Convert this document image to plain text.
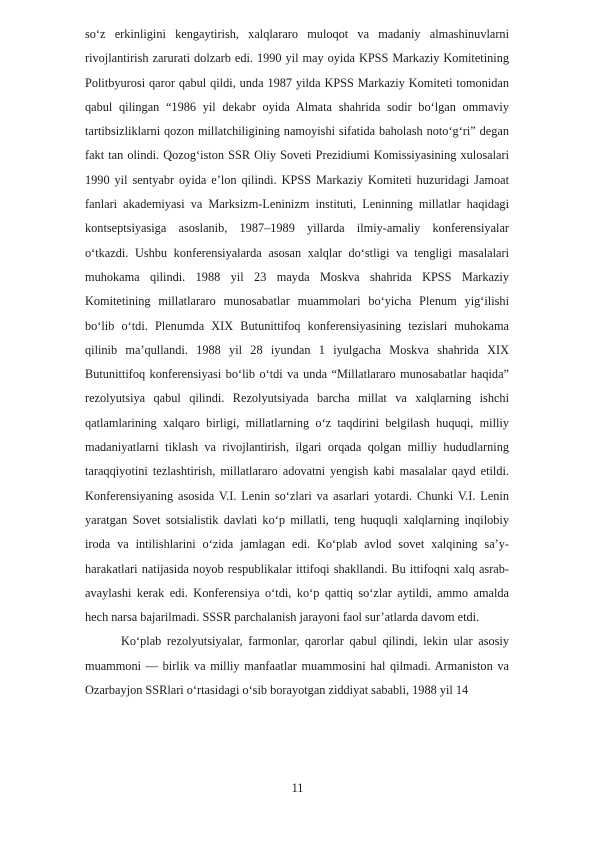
so‘z erkinligini kengaytirish, xalqlararo muloqot va madaniy almashinuvlarni rivojlantirish zarurati dolzarb edi. 1990 yil may oyida KPSS Markaziy Komitetining Politbyurosi qaror qabul qildi, unda 1987 yilda KPSS Markaziy Komiteti tomonidan qabul qilingan “1986 yil dekabr oyida Almata shahrida sodir bo‘lgan ommaviy tartibsizliklarni qozon millatchiligining namoyishi sifatida baholash noto‘g‘ri” degan fakt tan olindi. Qozog‘iston SSR Oliy Soveti Prezidiumi Komissiyasining xulosalari 1990 yil sentyabr oyida e’lon qilindi. KPSS Markaziy Komiteti huzuridagi Jamoat fanlari akademiyasi va Marksizm-Leninizm instituti, Leninning millatlar haqidagi kontseptsiyasiga asoslanib, 1987–1989 yillarda ilmiy-amaliy konferensiyalar o‘tkazdi. Ushbu konferensiyalarda asosan xalqlar do‘stligi va tengligi masalalari muhokama qilindi. 1988 yil 23 mayda Moskva shahrida KPSS Markaziy Komitetining millatlararo munosabatlar muammolari bo‘yicha Plenum yig‘ilishi bo‘lib o‘tdi. Plenumda XIX Butunittifoq konferensiyasining tezislari muhokama qilinib ma’qullandi. 1988 yil 28 iyundan 1 iyulgacha Moskva shahrida XIX Butunittifoq konferensiyasi bo‘lib o‘tdi va unda “Millatlararo munosabatlar haqida” rezolyutsiya qabul qilindi. Rezolyutsiyada barcha millat va xalqlarning ishchi qatlamlarining xalqaro birligi, millatlarning o‘z taqdirini belgilash huquqi, milliy madaniyatlarni tiklash va rivojlantirish, ilgari orqada qolgan milliy hududlarning taraqqiyotini tezlashtirish, millatlararo adovatni yengish kabi masalalar qayd etildi. Konferensiyaning asosida V.I. Lenin so‘zlari va asarlari yotardi. Chunki V.I. Lenin yaratgan Sovet sotsialistik davlati ko‘p millatli, teng huquqli xalqlarning inqilobiy iroda va intilishlarini o‘zida jamlagan edi. Ko‘plab avlod sovet xalqining sa’y-harakatlari natijasida noyob respublikalar ittifoqi shakllandi. Bu ittifoqni xalq asrab-avaylashi kerak edi. Konferensiya o‘tdi, ko‘p qattiq so‘zlar aytildi, ammo amalda hech narsa bajarilmadi. SSSR parchalanish jarayoni faol sur’atlarda davom etdi.

Ko‘plab rezolyutsiyalar, farmonlar, qarorlar qabul qilindi, lekin ular asosiy muammoni — birlik va milliy manfaatlar muammosini hal qilmadi. Armaniston va Ozarbayjon SSRlari o‘rtasidagi o‘sib borayotgan ziddiyat sababli, 1988 yil 14

11
